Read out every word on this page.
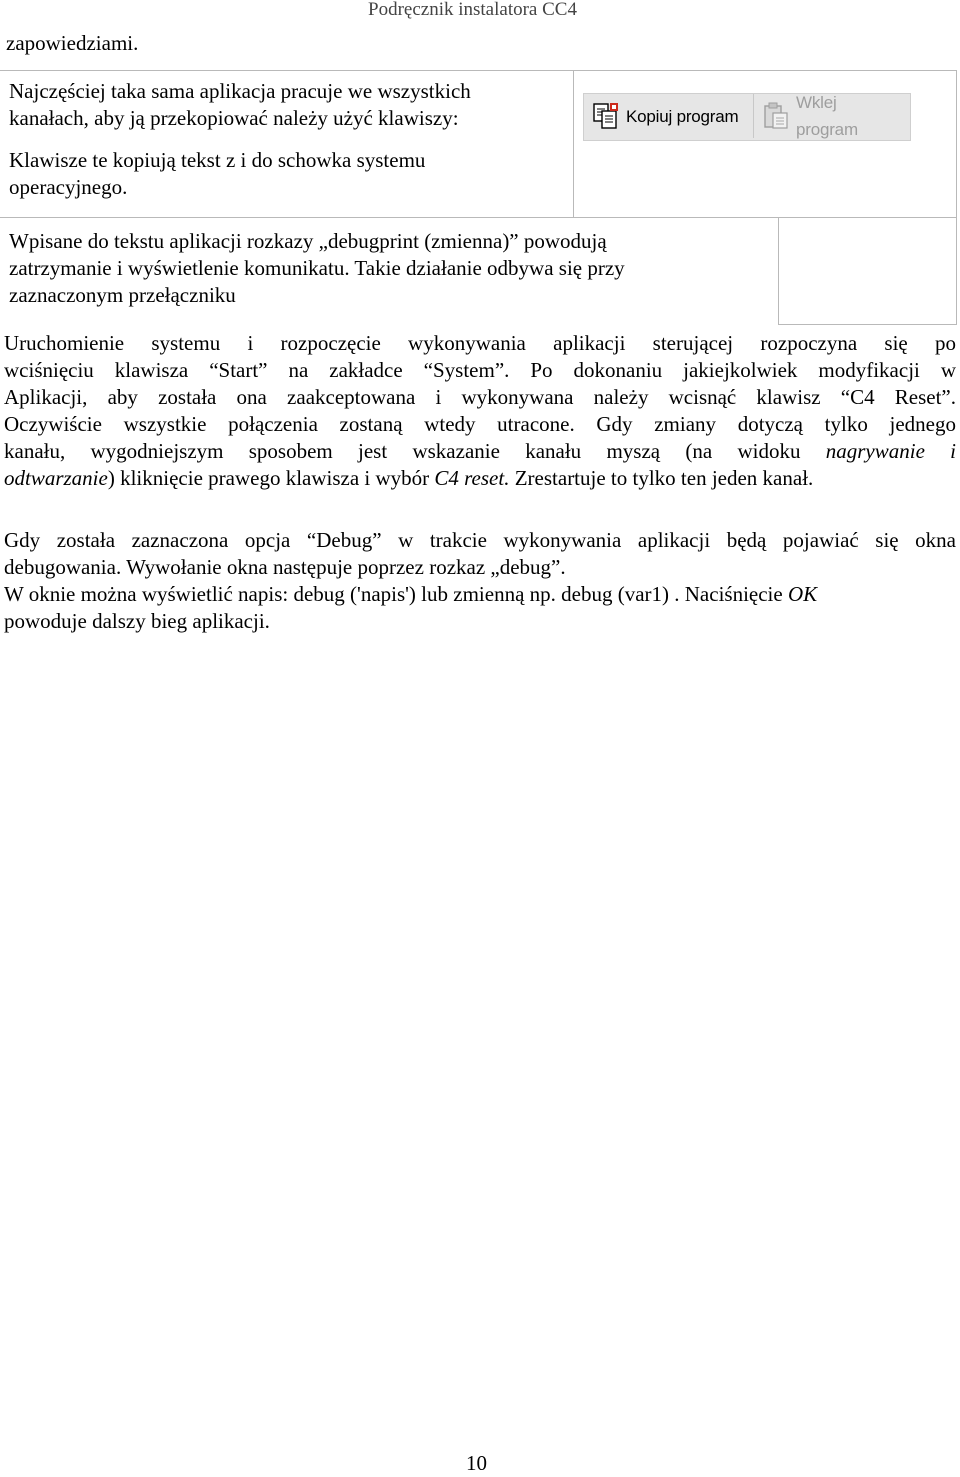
Podręcznik instalatora CC4
zapowiedziami.
Najczęściej taka sama aplikacja pracuje we wszystkich
kanałach, aby ją przekopiować należy użyć klawiszy:
Klawisze te kopiują tekst z i do schowka systemu
operacyjnego.
Kopiuj program
Wklej program
Wpisane do tekstu aplikacji rozkazy „debugprint (zmienna)” powodują
zatrzymanie i wyświetlenie komunikatu. Takie działanie odbywa się przy
zaznaczonym przełączniku
Uruchomienie systemu i rozpoczęcie wykonywania aplikacji sterującej rozpoczyna się po
wciśnięciu klawisza “Start” na zakładce “System”. Po dokonaniu jakiejkolwiek modyfikacji w
Aplikacji, aby została ona zaakceptowana i wykonywana należy wcisnąć klawisz “C4 Reset”.
Oczywiście wszystkie połączenia zostaną wtedy utracone. Gdy zmiany dotyczą tylko jednego
kanału, wygodniejszym sposobem jest wskazanie kanału myszą (na widoku nagrywanie i
odtwarzanie) kliknięcie prawego klawisza i wybór C4 reset. Zrestartuje to tylko ten jeden kanał.
Gdy została zaznaczona opcja “Debug” w trakcie wykonywania aplikacji będą pojawiać się okna
debugowania. Wywołanie okna następuje poprzez rozkaz „debug”.
W oknie można wyświetlić napis: debug ('napis') lub zmienną np. debug (var1) . Naciśnięcie OK
powoduje dalszy bieg aplikacji.
10
